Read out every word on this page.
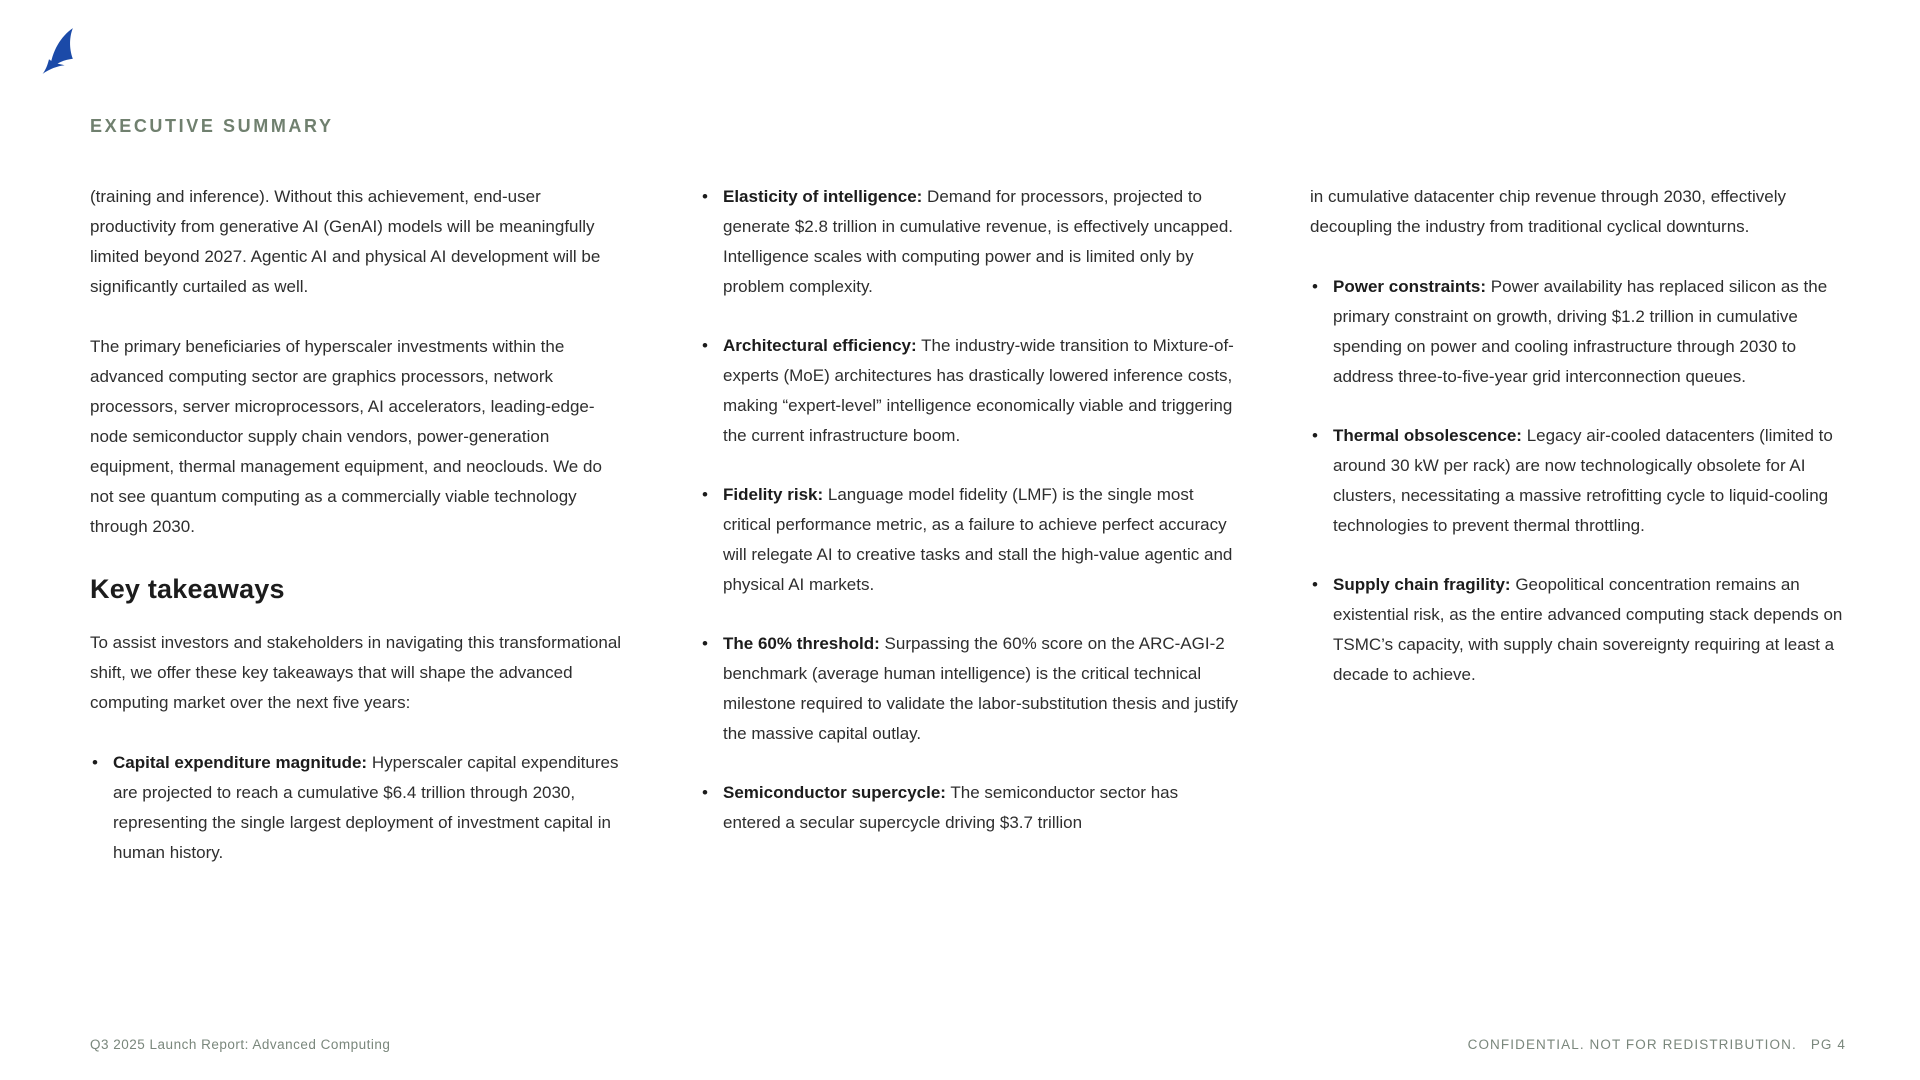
EXECUTIVE SUMMARY

(training and inference). Without this achievement, end-user productivity from generative AI (GenAI) models will be meaningfully limited beyond 2027. Agentic AI and physical AI development will be significantly curtailed as well.

The primary beneficiaries of hyperscaler investments within the advanced computing sector are graphics processors, network processors, server microprocessors, AI accelerators, leading-edge-node semiconductor supply chain vendors, power-generation equipment, thermal management equipment, and neoclouds. We do not see quantum computing as a commercially viable technology through 2030.

Key takeaways

To assist investors and stakeholders in navigating this transformational shift, we offer these key takeaways that will shape the advanced computing market over the next five years:

• Capital expenditure magnitude: Hyperscaler capital expenditures are projected to reach a cumulative $6.4 trillion through 2030, representing the single largest deployment of investment capital in human history.
• Elasticity of intelligence: Demand for processors, projected to generate $2.8 trillion in cumulative revenue, is effectively uncapped. Intelligence scales with computing power and is limited only by problem complexity.
• Architectural efficiency: The industry-wide transition to Mixture-of-experts (MoE) architectures has drastically lowered inference costs, making “expert-level” intelligence economically viable and triggering the current infrastructure boom.
• Fidelity risk: Language model fidelity (LMF) is the single most critical performance metric, as a failure to achieve perfect accuracy will relegate AI to creative tasks and stall the high-value agentic and physical AI markets.
• The 60% threshold: Surpassing the 60% score on the ARC-AGI-2 benchmark (average human intelligence) is the critical technical milestone required to validate the labor-substitution thesis and justify the massive capital outlay.
• Semiconductor supercycle: The semiconductor sector has entered a secular supercycle driving $3.7 trillion

in cumulative datacenter chip revenue through 2030, effectively decoupling the industry from traditional cyclical downturns.

• Power constraints: Power availability has replaced silicon as the primary constraint on growth, driving $1.2 trillion in cumulative spending on power and cooling infrastructure through 2030 to address three-to-five-year grid interconnection queues.
• Thermal obsolescence: Legacy air-cooled datacenters (limited to around 30 kW per rack) are now technologically obsolete for AI clusters, necessitating a massive retrofitting cycle to liquid-cooling technologies to prevent thermal throttling.
• Supply chain fragility: Geopolitical concentration remains an existential risk, as the entire advanced computing stack depends on TSMC’s capacity, with supply chain sovereignty requiring at least a decade to achieve.
Q3 2025 Launch Report: Advanced Computing	CONFIDENTIAL. NOT FOR REDISTRIBUTION. PG 4
